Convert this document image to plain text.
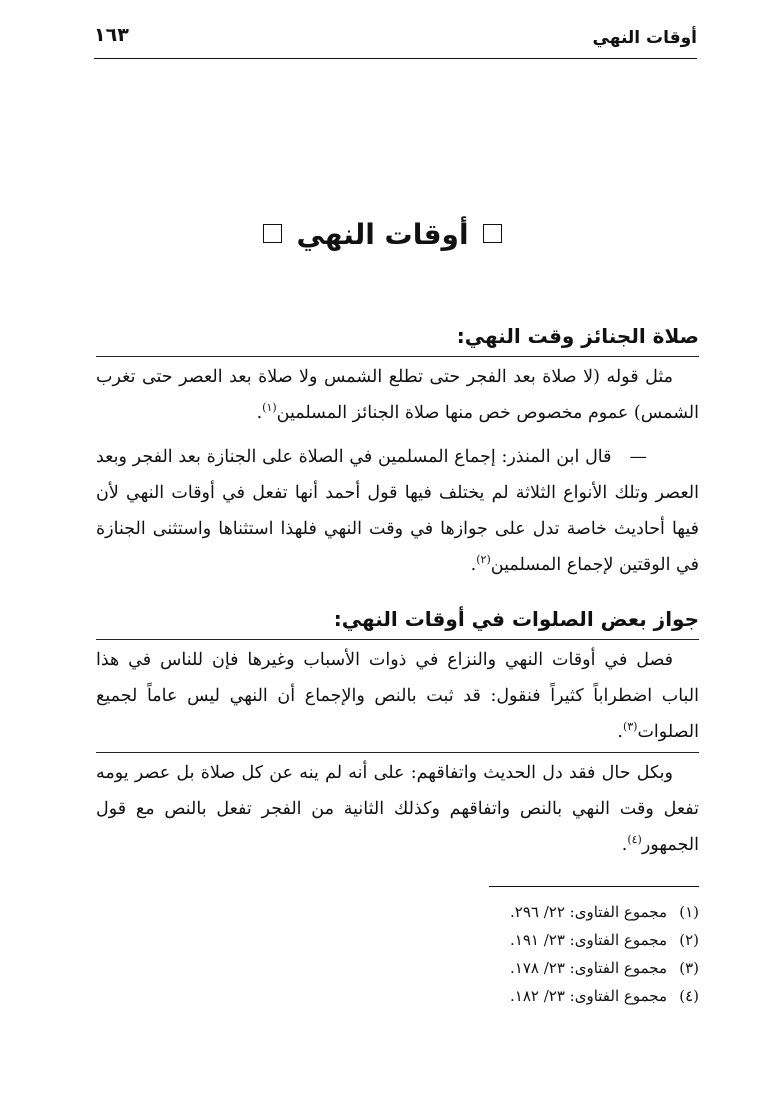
أوقات النهي
١٦٣
أوقات النهي
صلاة الجنائز وقت النهي:

مثل قوله (لا صلاة بعد الفجر حتى تطلع الشمس ولا صلاة بعد العصر حتى تغرب الشمس) عموم مخصوص خص منها صلاة الجنائز المسلمين$^{(١)}$.

—قال ابن المنذر: إجماع المسلمين في الصلاة على الجنازة بعد الفجر وبعد العصر وتلك الأنواع الثلاثة لم يختلف فيها قول أحمد أنها تفعل في أوقات النهي لأن فيها أحاديث خاصة تدل على جوازها في وقت النهي فلهذا استثناها واستثنى الجنازة في الوقتين لإجماع المسلمين$^{(٢)}$.

جواز بعض الصلوات في أوقات النهي:

فصل في أوقات النهي والنزاع في ذوات الأسباب وغيرها فإن للناس في هذا الباب اضطراباً كثيراً فنقول: قد ثبت بالنص والإجماع أن النهي ليس عاماً لجميع الصلوات$^{(٣)}$.

وبكل حال فقد دل الحديث واتفاقهم: على أنه لم ينه عن كل صلاة بل عصر يومه تفعل وقت النهي بالنص واتفاقهم وكذلك الثانية من الفجر تفعل بالنص مع قول الجمهور$^{(٤)}$.

(١)مجموع الفتاوى: ٢٢/ ٢٩٦.
(٢)مجموع الفتاوى: ٢٣/ ١٩١.
(٣)مجموع الفتاوى: ٢٣/ ١٧٨.
(٤)مجموع الفتاوى: ٢٣/ ١٨٢.
